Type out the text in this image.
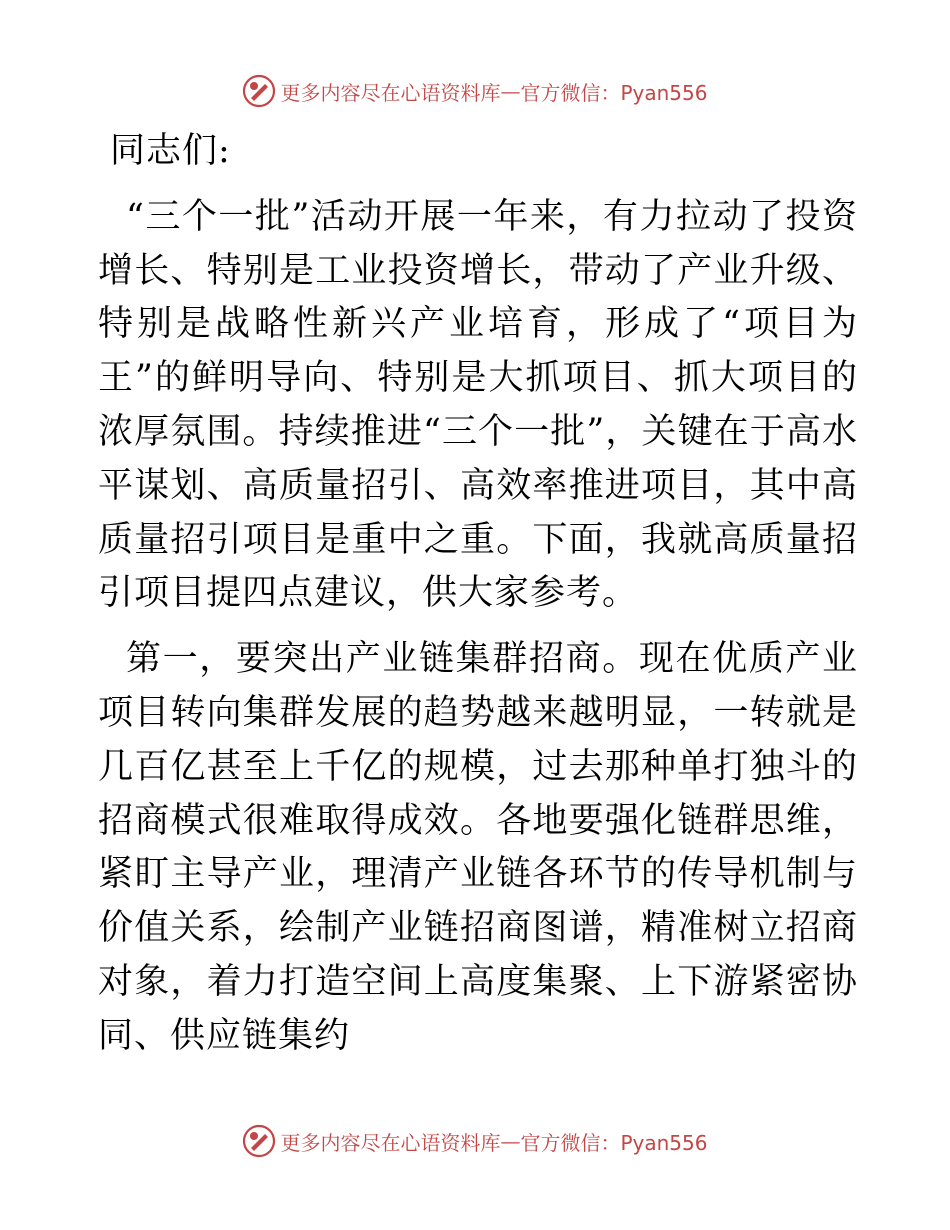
更多内容尽在心语资料库 — 官方微信：Pyan556

同志们:

“三个一批”活动开展一年来，有力拉动了投资增长、特别是工业投资增长，带动了产业升级、特别是战略性新兴产业培育，形成了“项目为王”的鲜明导向、特别是大抓项目、抓大项目的浓厚氛围。持续推进“三个一批”，关键在于高水平谋划、高质量招引、高效率推进项目，其中高质量招引项目是重中之重。下面，我就高质量招引项目提四点建议，供大家参考。

第一，要突出产业链集群招商。现在优质产业项目转向集群发展的趋势越来越明显，一转就是几百亿甚至上千亿的规模，过去那种单打独斗的招商模式很难取得成效。各地要强化链群思维，紧盯主导产业，理清产业链各环节的传导机制与价值关系，绘制产业链招商图谱，精准树立招商对象，着力打造空间上高度集聚、上下游紧密协同、供应链集约

更多内容尽在心语资料库 — 官方微信：Pyan556
